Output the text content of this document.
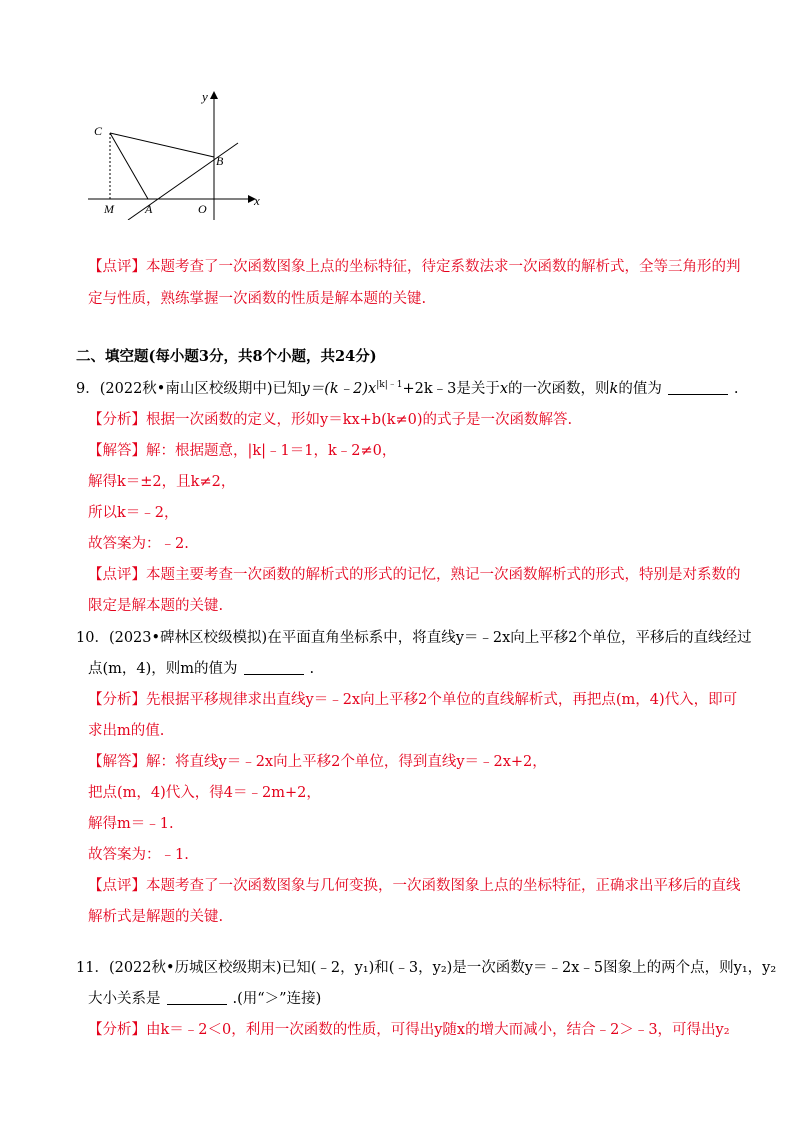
y
x
C
B
M	A	O
【点评】本题考查了一次函数图象上点的坐标特征，待定系数法求一次函数的解析式，全等三角形的判
定与性质，熟练掌握一次函数的性质是解本题的关键.
二、填空题(每小题3分，共8个小题，共24分)
9．(2022秋•南山区校级期中)已知$y=(k﹣2)x^{|k|﹣1}+2k﹣3$是关于x的一次函数，则k的值为	.
【分析】根据一次函数的定义，形如y＝kx+b(k≠0)的式子是一次函数解答.
【解答】解：根据题意，|k|﹣1＝1，k﹣2≠0，
解得k＝±2，且k≠2，
所以k＝﹣2，
故答案为：﹣2.
【点评】本题主要考查一次函数的解析式的形式的记忆，熟记一次函数解析式的形式，特别是对系数的
限定是解本题的关键.
10．(2023•碑林区校级模拟)在平面直角坐标系中，将直线y＝﹣2x向上平移2个单位，平移后的直线经过
点(m，4)，则m的值为	.
【分析】先根据平移规律求出直线y＝﹣2x向上平移2个单位的直线解析式，再把点(m，4)代入，即可
求出m的值.
【解答】解：将直线y＝﹣2x向上平移2个单位，得到直线y＝﹣2x+2，
把点(m，4)代入，得4＝﹣2m+2，
解得m＝﹣1.
故答案为：﹣1.
【点评】本题考查了一次函数图象与几何变换，一次函数图象上点的坐标特征，正确求出平移后的直线
解析式是解题的关键.
11．(2022秋•历城区校级期末)已知(﹣2，y₁)和(﹣3，y₂)是一次函数y＝﹣2x﹣5图象上的两个点，则y₁，y₂
大小关系是	.(用“＞”连接)
【分析】由k＝﹣2＜0，利用一次函数的性质，可得出y随x的增大而减小，结合﹣2＞﹣3，可得出y₂
